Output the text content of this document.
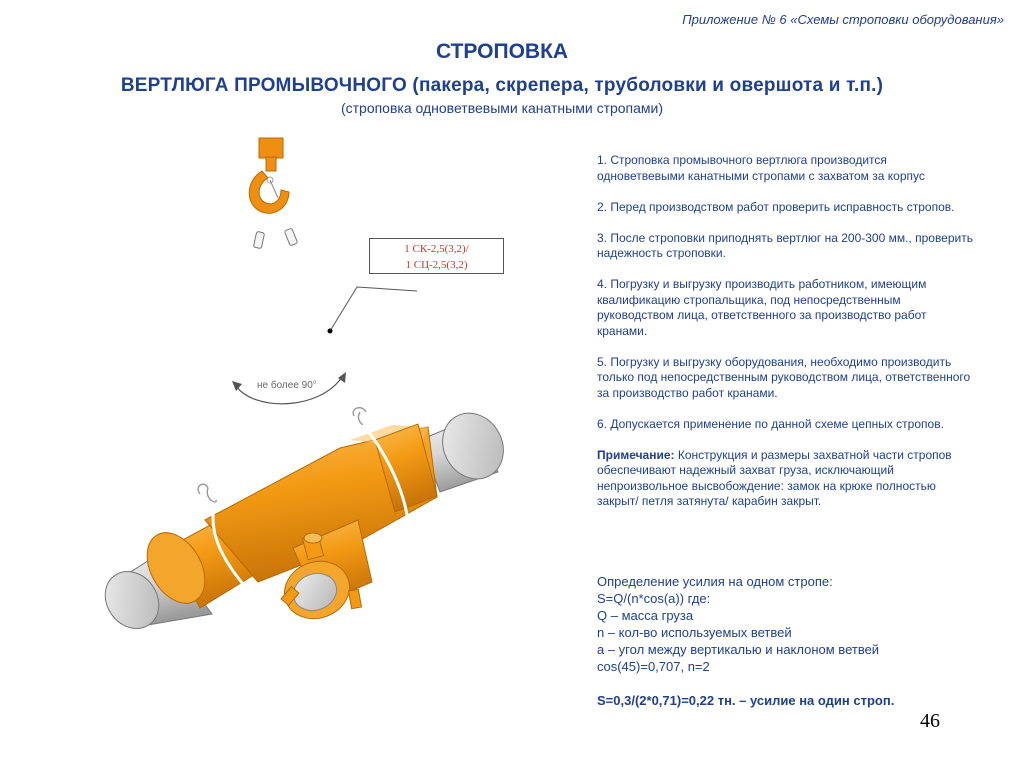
Приложение № 6 «Схемы строповки оборудования»
СТРОПОВКА
ВЕРТЛЮГА ПРОМЫВОЧНОГО (пакера, скрепера, труболовки и овершота и т.п.)
(строповка одноветвевыми канатными стропами)
1 СК-2,5(3,2)/
1 СЦ-2,5(3,2)
не более 90°

1. Строповка промывочного вертлюга производится одноветвевыми канатными стропами с захватом за корпус

2. Перед производством работ проверить исправность стропов.

3. После строповки приподнять вертлюг на 200-300 мм., проверить надежность строповки.

4. Погрузку и выгрузку производить работником, имеющим квалификацию стропальщика, под непосредственным руководством лица, ответственного за производство работ кранами.

5. Погрузку и выгрузку оборудования, необходимо производить только под непосредственным руководством лица, ответственного за производство работ кранами.

6. Допускается применение по данной схеме цепных стропов.

Примечание: Конструкция и размеры захватной части стропов обеспечивают надежный захват груза, исключающий непроизвольное высвобождение: замок на крюке полностью закрыт/ петля затянута/ карабин закрыт.

Определение усилия на одном стропе:
S=Q/(n*cos(a)) где:
Q – масса груза
n – кол-во используемых ветвей
a – угол между вертикалью и наклоном ветвей
cos(45)=0,707, n=2
S=0,3/(2*0,71)=0,22 тн. – усилие на один строп.
46
